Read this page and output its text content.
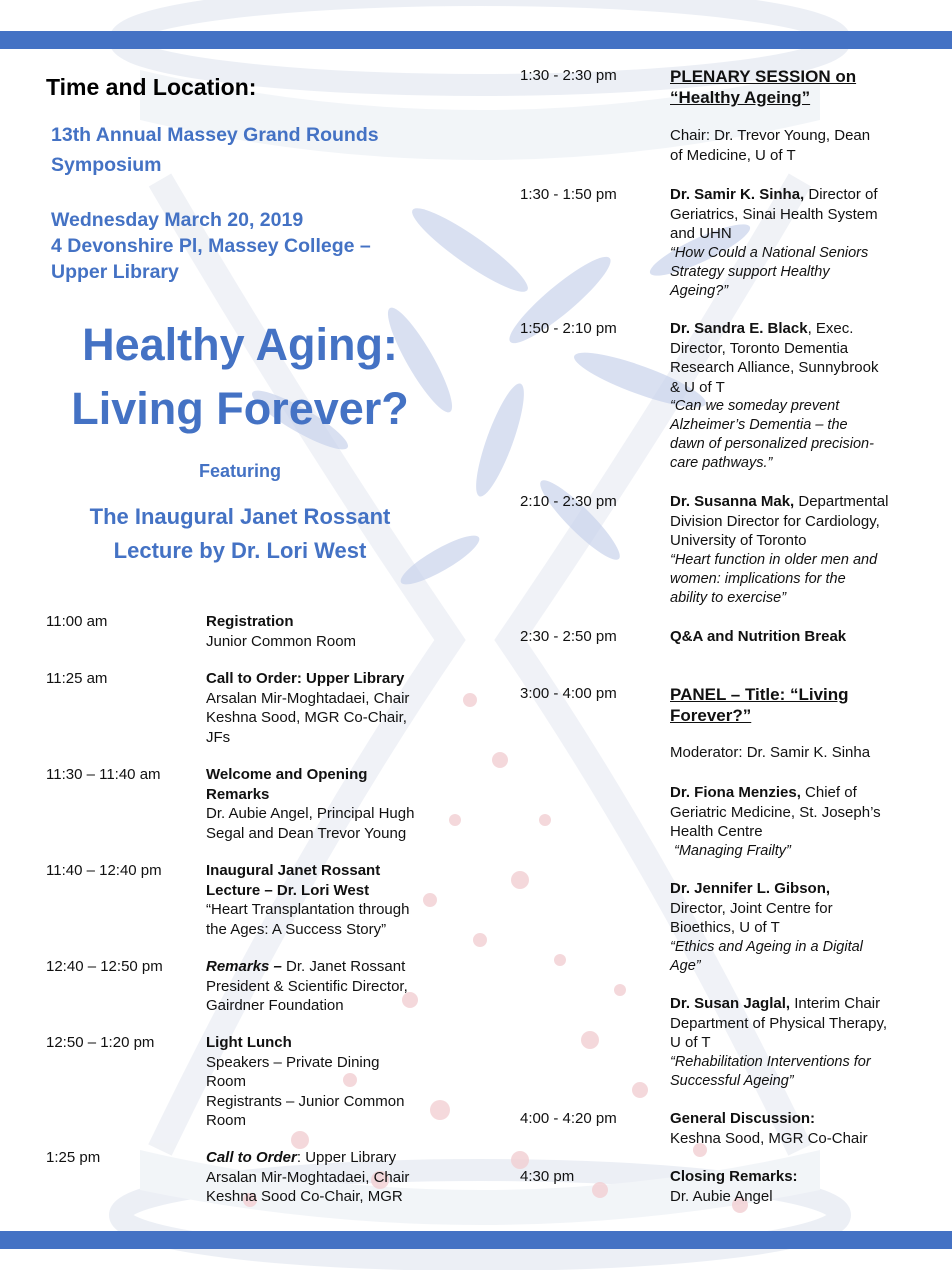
Time and Location:
13th Annual Massey Grand Rounds
Symposium
Wednesday March 20, 2019
4 Devonshire Pl, Massey College –
Upper Library
Healthy Aging:
Living Forever?
Featuring
The Inaugural Janet Rossant
Lecture by Dr. Lori West
11:00 am	Registration
Junior Common Room
11:25 am	Call to Order: Upper Library
Arsalan Mir-Moghtadaei, Chair
Keshna Sood, MGR Co-Chair,
JFs
11:30 – 11:40 am	Welcome and Opening
Remarks
Dr. Aubie Angel, Principal Hugh
Segal and Dean Trevor Young
11:40 – 12:40 pm	Inaugural Janet Rossant
Lecture – Dr. Lori West
“Heart Transplantation through
the Ages: A Success Story”
12:40 – 12:50 pm	Remarks – Dr. Janet Rossant
President & Scientific Director,
Gairdner Foundation
12:50 – 1:20 pm	Light Lunch
Speakers – Private Dining
Room
Registrants – Junior Common
Room
1:25 pm	Call to Order: Upper Library
Arsalan Mir-Moghtadaei, Chair
Keshna Sood Co-Chair, MGR
1:30 - 2:30 pm	PLENARY SESSION on
“Healthy Ageing”
Chair: Dr. Trevor Young, Dean
of Medicine, U of T
1:30 - 1:50 pm	Dr. Samir K. Sinha, Director of
Geriatrics, Sinai Health System
and UHN
“How Could a National Seniors
Strategy support Healthy
Ageing?”
1:50 - 2:10 pm	Dr. Sandra E. Black, Exec.
Director, Toronto Dementia
Research Alliance, Sunnybrook
& U of T
“Can we someday prevent
Alzheimer’s Dementia – the
dawn of personalized precision-
care pathways.”
2:10 - 2:30 pm	Dr. Susanna Mak, Departmental
Division Director for Cardiology,
University of Toronto
“Heart function in older men and
women: implications for the
ability to exercise”
2:30 - 2:50 pm	Q&A and Nutrition Break
3:00 - 4:00 pm	PANEL – Title: “Living
Forever?”
Moderator: Dr. Samir K. Sinha
Dr. Fiona Menzies, Chief of
Geriatric Medicine, St. Joseph’s
Health Centre
“Managing Frailty”
Dr. Jennifer L. Gibson,
Director, Joint Centre for
Bioethics, U of T
“Ethics and Ageing in a Digital
Age”
Dr. Susan Jaglal, Interim Chair
Department of Physical Therapy,
U of T
“Rehabilitation Interventions for
Successful Ageing”
4:00 - 4:20 pm	General Discussion:
Keshna Sood, MGR Co-Chair
4:30 pm	Closing Remarks:
Dr. Aubie Angel
